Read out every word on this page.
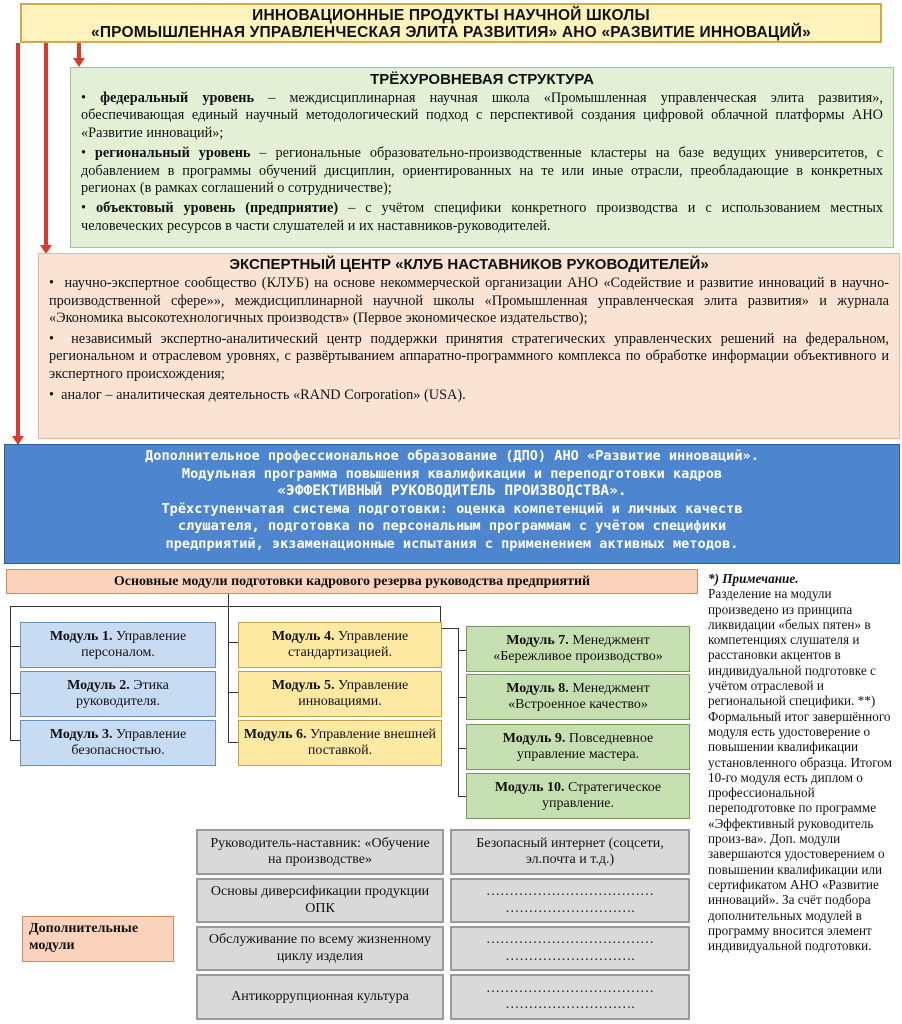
ИННОВАЦИОННЫЕ ПРОДУКТЫ НАУЧНОЙ ШКОЛЫ
«ПРОМЫШЛЕННАЯ УПРАВЛЕНЧЕСКАЯ ЭЛИТА РАЗВИТИЯ» АНО «РАЗВИТИЕ ИННОВАЦИЙ»
ТРЁХУРОВНЕВАЯ СТРУКТУРА

• федеральный уровень – междисциплинарная научная школа «Промышленная управленческая элита развития», обеспечивающая единый научный методологический подход с перспективой создания цифровой облачной платформы АНО «Развитие инноваций»;

• региональный уровень – региональные образовательно-производственные кластеры на базе ведущих университетов, с добавлением в программы обучений дисциплин, ориентированных на те или иные отрасли, преобладающие в конкретных регионах (в рамках соглашений о сотрудничестве);

• объектовый уровень (предприятие) – с учётом специфики конкретного производства и с использованием местных человеческих ресурсов в части слушателей и их наставников-руководителей.

ЭКСПЕРТНЫЙ ЦЕНТР «КЛУБ НАСТАВНИКОВ РУКОВОДИТЕЛЕЙ»

•  научно-экспертное сообщество (КЛУБ) на основе некоммерческой организации АНО «Содействие и развитие инноваций в научно-производственной сфере»», междисциплинарной научной школы «Промышленная управленческая элита развития» и журнала «Экономика высокотехнологичных производств» (Первое экономическое издательство);

•  независимый экспертно-аналитический центр поддержки принятия стратегических управленческих решений на федеральном, региональном и отраслевом уровнях, с развёртыванием аппаратно-программного комплекса по обработке информации объективного и экспертного происхождения;

•  аналог – аналитическая деятельность «RAND Corporation» (USA).

Дополнительное профессиональное образование (ДПО) АНО «Развитие инноваций».
Модульная программа повышения квалификации и переподготовки кадров
«ЭФФЕКТИВНЫЙ РУКОВОДИТЕЛЬ ПРОИЗВОДСТВА».
Трёхступенчатая система подготовки: оценка компетенций и личных качеств
слушателя, подготовка по персональным программам с учётом специфики
предприятий, экзаменационные испытания с применением активных методов.
Основные модули подготовки кадрового резерва руководства предприятий
Модуль 1. Управление персоналом.
Модуль 2. Этика руководителя.
Модуль 3. Управление безопасностью.
Модуль 4. Управление стандартизацией.
Модуль 5. Управление инновациями.
Модуль 6. Управление внешней поставкой.
Модуль 7. Менеджмент «Бережливое производство»
Модуль 8. Менеджмент «Встроенное качество»
Модуль 9. Повседневное управление мастера.
Модуль 10. Стратегическое управление.
Дополнительные модули
Руководитель-наставник: «Обучение на производстве»
Основы диверсификации продукции ОПК
Обслуживание по всему жизненному циклу изделия
Антикоррупционная культура
Безопасный интернет (соцсети, эл.почта и т.д.)
……………………………… ……………………….
……………………………… ……………………….
……………………………… ……………………….
*) Примечание.
Разделение на модули произведено из принципа ликвидации «белых пятен» в компетенциях слушателя и расстановки акцентов в индивидуальной подготовке с учётом отраслевой и региональной специфики. **) Формальный итог завершённого модуля есть удостоверение о повышении квалификации установленного образца. Итогом 10-го модуля есть диплом о профессиональной переподготовке по программе «Эффективный руководитель произ-ва». Доп. модули завершаются удостоверением о повышении квалификации или сертификатом АНО «Развитие инноваций». За счёт подбора дополнительных модулей в программу вносится элемент индивидуальной подготовки.
